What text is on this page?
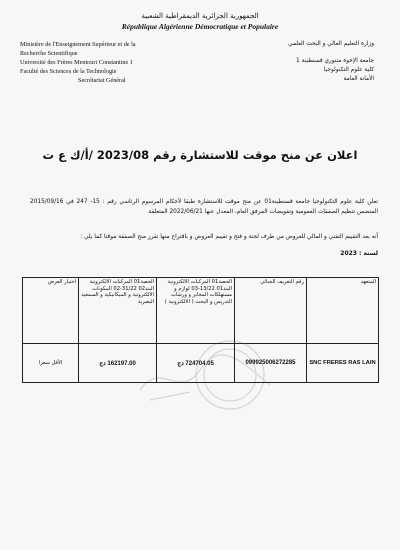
الجمهورية الجزائرية الديمقراطية الشعبية
République Algérienne Démocratique et Populaire
Ministère de l'Enseignement Supérieur et de la
Recherche Scientifique
Université des Frères Mentouri Constantine 1
Faculté des Sciences de la Technologie
Secrétariat Général
وزارة التعليم العالي و البحث العلمي
جامعة الإخوة منتوري قسنطينة 1
كلية علوم التكنولوجيا
الأمانة العامة
اعلان عن منح موقت للاستشارة رقم 2023/08 /أ/ك ع ت
تعلن كلية علوم التكنولوجيا جامعة قسنطينة01 عن منح موقت للاستشارة طبقا لأحكام المرسوم الرئاسي رقم : 15- 247 في 2015/09/16 المتضمن تنظيم الصفقات العمومية وتفويضات المرفق العام، المعدل عنها 2022/06/21 المتعلقة
أنه بعد التقييم التقني و المالي للعروض من طرف لجنة و فتح و تقييم العروض و باقتراح منها تقرر منح الصفقة موقتا كما يلي :
لسنة : 2023
المتعهد	رقم التعريف الجبائي	الحصة01 المركبات الالكترونية البند01 13/22-03 لوازم و مستهلكات المخابر و ورشات التدريس و البحث ( الالكترونية )	الحصة01 المركبات الالكترونية البند02 31/22-02 المكونات الالكترونية و الميكانيكية و السمعية البصرية	اختيار العرض
SNC FRERES RAS LAIN	099925006272285	724704.05 دج	162197.00 دج	الأقل سعرا
